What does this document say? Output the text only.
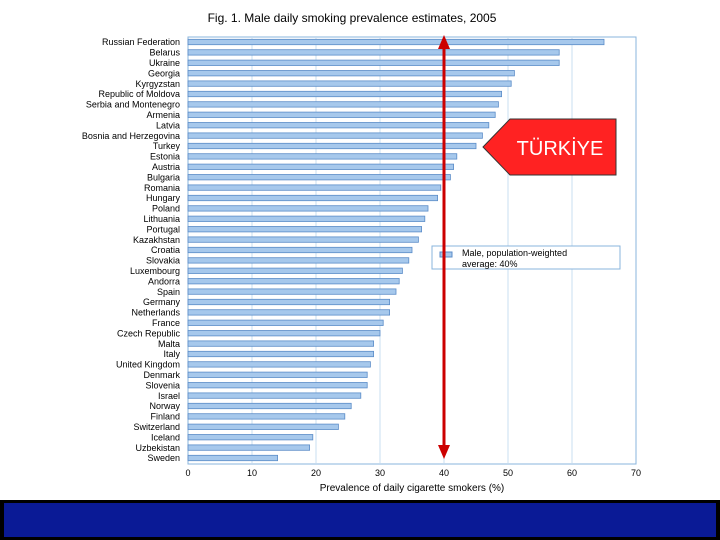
Fig. 1. Male daily smoking prevalence estimates, 2005
Russian Federation
Belarus
Ukraine
Georgia
Kyrgyzstan
Republic of Moldova
Serbia and Montenegro
Armenia
Latvia
Bosnia and Herzegovina
Turkey
Estonia
Austria
Bulgaria
Romania
Hungary
Poland
Lithuania
Portugal
Kazakhstan
Croatia
Slovakia
Luxembourg
Andorra
Spain
Germany
Netherlands
France
Czech Republic
Malta
Italy
United Kingdom
Denmark
Slovenia
Israel
Norway
Finland
Switzerland
Iceland
Uzbekistan
Sweden
0	10	20	30	40	50	60	70
Prevalence of daily cigarette smokers (%)
Male, population-weighted
average: 40%
TÜRKİYE
